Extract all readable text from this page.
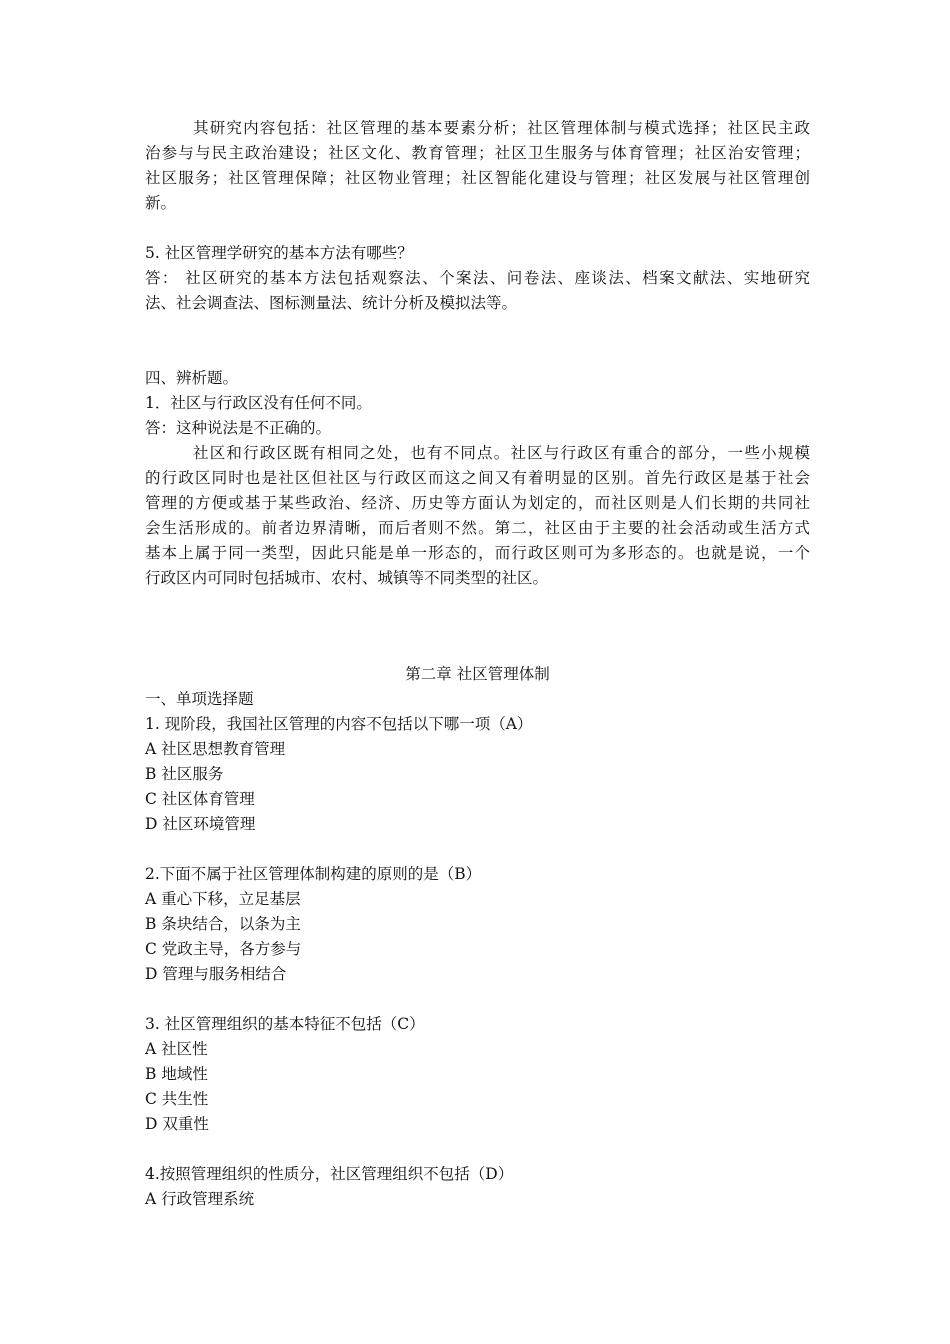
其研究内容包括：社区管理的基本要素分析；社区管理体制与模式选择；社区民主政
治参与与民主政治建设；社区文化、教育管理；社区卫生服务与体育管理；社区治安管理；
社区服务；社区管理保障；社区物业管理；社区智能化建设与管理；社区发展与社区管理创
新。
5. 社区管理学研究的基本方法有哪些？
答： 社区研究的基本方法包括观察法、个案法、问卷法、座谈法、档案文献法、实地研究
法、社会调查法、图标测量法、统计分析及模拟法等。
四、辨析题。
1．社区与行政区没有任何不同。
答：这种说法是不正确的。
社区和行政区既有相同之处，也有不同点。社区与行政区有重合的部分，一些小规模
的行政区同时也是社区但社区与行政区而这之间又有着明显的区别。首先行政区是基于社会
管理的方便或基于某些政治、经济、历史等方面认为划定的，而社区则是人们长期的共同社
会生活形成的。前者边界清晰，而后者则不然。第二，社区由于主要的社会活动或生活方式
基本上属于同一类型，因此只能是单一形态的，而行政区则可为多形态的。也就是说，一个
行政区内可同时包括城市、农村、城镇等不同类型的社区。
第二章 社区管理体制
一、单项选择题
1. 现阶段，我国社区管理的内容不包括以下哪一项（A）
A 社区思想教育管理
B 社区服务
C 社区体育管理
D 社区环境管理
2.下面不属于社区管理体制构建的原则的是（B）
A 重心下移，立足基层
B 条块结合，以条为主
C 党政主导，各方参与
D 管理与服务相结合
3. 社区管理组织的基本特征不包括（C）
A 社区性
B 地域性
C 共生性
D 双重性
4.按照管理组织的性质分，社区管理组织不包括（D）
A 行政管理系统
